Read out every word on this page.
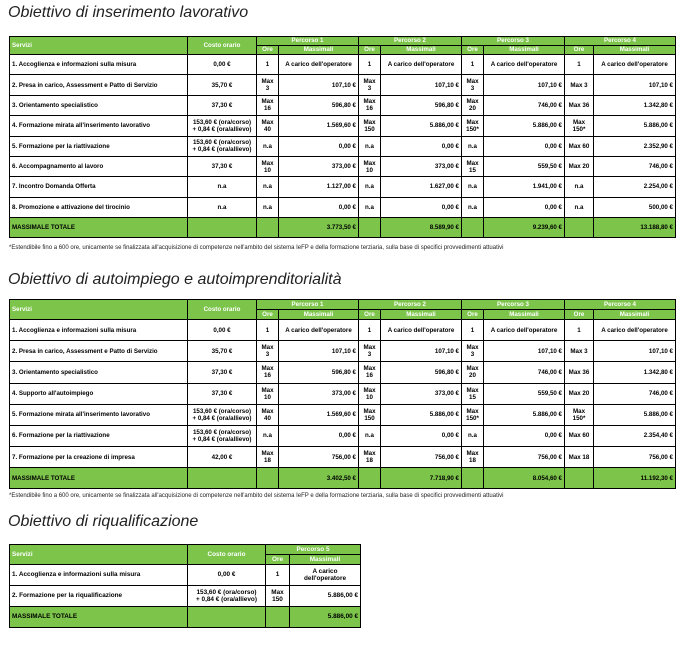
Obiettivo di inserimento lavorativo
Servizi	Costo orario	Percorso 1		Percorso 2		Percorso 3		Percorso 4	
		Ore	Massimali	Ore	Massimali	Ore	Massimali	Ore	Massimali
1. Accoglienza e informazioni sulla misura	0,00 €	1	A carico dell'operatore	1	A carico dell'operatore	1	A carico dell'operatore	1	A carico dell'operatore
2. Presa in carico, Assessment e Patto di Servizio	35,70 €	Max 3	107,10 €	Max 3	107,10 €	Max 3	107,10 €	Max 3	107,10 €
3. Orientamento specialistico	37,30 €	Max 16	596,80 €	Max 16	596,80 €	Max 20	746,00 €	Max 36	1.342,80 €
4. Formazione mirata all'inserimento lavorativo	153,60 € (ora/corso)
+ 0,84 € (ora/allievo)	Max 40	1.569,60 €	Max 150	5.886,00 €	Max 150*	5.886,00 €	Max 150*	5.886,00 €
5. Formazione per la riattivazione	153,60 € (ora/corso)
+ 0,84 € (ora/allievo)	n.a	0,00 €	n.a	0,00 €	n.a	0,00 €	Max 60	2.352,90 €
6. Accompagnamento al lavoro	37,30 €	Max 10	373,00 €	Max 10	373,00 €	Max 15	559,50 €	Max 20	746,00 €
7. Incontro Domanda Offerta	n.a	n.a	1.127,00 €	n.a	1.627,00 €	n.a	1.941,00 €	n.a	2.254,00 €
8. Promozione e attivazione del tirocinio	n.a	n.a	0,00 €	n.a	0,00 €	n.a	0,00 €	n.a	500,00 €
MASSIMALE TOTALE			3.773,50 €		8.589,90 €		9.239,60 €		13.188,80 €
*Estendibile fino a 600 ore, unicamente se finalizzata all'acquisizione di competenze nell'ambito del sistema IeFP e della formazione terziaria, sulla base di specifici provvedimenti attuativi
Obiettivo di autoimpiego e autoimprenditorialità
Servizi	Costo orario	Percorso 1		Percorso 2		Percorso 3		Percorso 4	
		Ore	Massimali	Ore	Massimali	Ore	Massimali	Ore	Massimali
1. Accoglienza e informazioni sulla misura	0,00 €	1	A carico dell'operatore	1	A carico dell'operatore	1	A carico dell'operatore	1	A carico dell'operatore
2. Presa in carico, Assessment e Patto di Servizio	35,70 €	Max 3	107,10 €	Max 3	107,10 €	Max 3	107,10 €	Max 3	107,10 €
3. Orientamento specialistico	37,30 €	Max 16	596,80 €	Max 16	596,80 €	Max 20	746,00 €	Max 36	1.342,80 €
4. Supporto all'autoimpiego	37,30 €	Max 10	373,00 €	Max 10	373,00 €	Max 15	559,50 €	Max 20	746,00 €
5. Formazione mirata all'inserimento lavorativo	153,60 € (ora/corso)
+ 0,84 € (ora/allievo)	Max 40	1.569,60 €	Max 150	5.886,00 €	Max 150*	5.886,00 €	Max 150*	5.886,00 €
6. Formazione per la riattivazione	153,60 € (ora/corso)
+ 0,84 € (ora/allievo)	n.a	0,00 €	n.a	0,00 €	n.a	0,00 €	Max 60	2.354,40 €
7. Formazione per la creazione di impresa	42,00 €	Max 18	756,00 €	Max 18	756,00 €	Max 18	756,00 €	Max 18	756,00 €
MASSIMALE TOTALE			3.402,50 €		7.718,90 €		8.054,60 €		11.192,30 €
*Estendibile fino a 600 ore, unicamente se finalizzata all'acquisizione di competenze nell'ambito del sistema IeFP e della formazione terziaria, sulla base di specifici provvedimenti attuativi
Obiettivo di riqualificazione
Servizi	Costo orario	Percorso 5	
		Ore	Massimali
1. Accoglienza e informazioni sulla misura	0,00 €	1	A carico dell'operatore
2. Formazione per la riqualificazione	153,60 € (ora/corso)
+ 0,84 € (ora/allievo)	Max 150	5.886,00 €
MASSIMALE TOTALE			5.886,00 €
